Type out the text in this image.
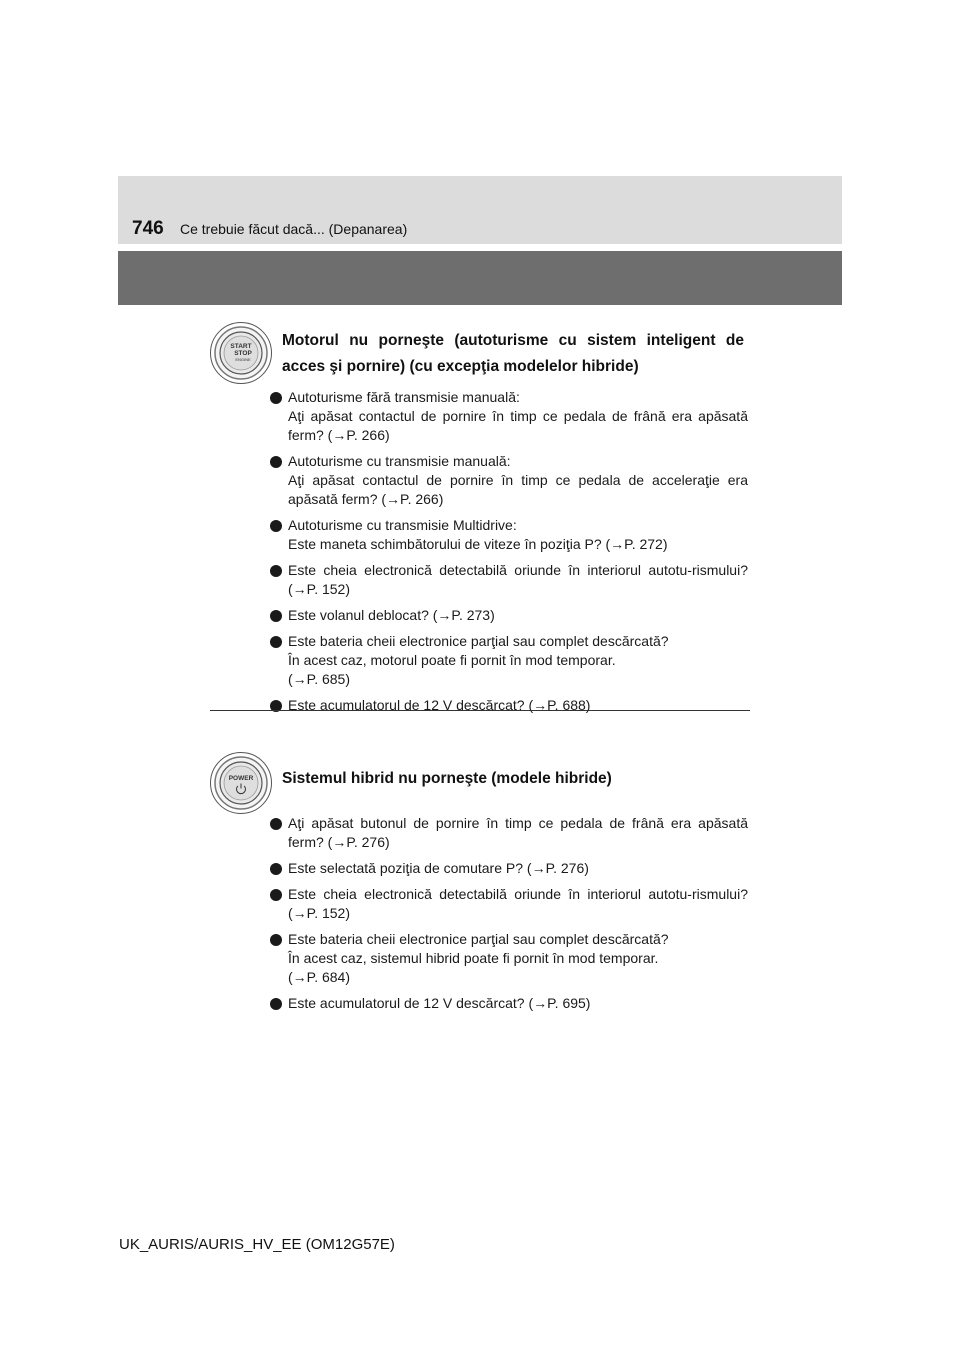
746 Ce trebuie făcut dacă... (Depanarea)
START
STOP
ENGINE
Motorul nu porneşte (autoturisme cu sistem inteligent de acces şi pornire) (cu excepţia modelelor hibride)
Autoturisme fără transmisie manuală:
Aţi apăsat contactul de pornire în timp ce pedala de frână era apăsată ferm? (→P. 266)
Autoturisme cu transmisie manuală:
Aţi apăsat contactul de pornire în timp ce pedala de acceleraţie era apăsată ferm? (→P. 266)
Autoturisme cu transmisie Multidrive:
Este maneta schimbătorului de viteze în poziţia P? (→P. 272)
Este cheia electronică detectabilă oriunde în interiorul autotu-rismului? (→P. 152)
Este volanul deblocat? (→P. 273)
Este bateria cheii electronice parţial sau complet descărcată?
În acest caz, motorul poate fi pornit în mod temporar.
(→P. 685)
Este acumulatorul de 12 V descărcat? (→P. 688)
POWER Sistemul hibrid nu porneşte (modele hibride)
Aţi apăsat butonul de pornire în timp ce pedala de frână era apăsată ferm? (→P. 276)
Este selectată poziţia de comutare P? (→P. 276)
Este cheia electronică detectabilă oriunde în interiorul autotu-rismului? (→P. 152)
Este bateria cheii electronice parţial sau complet descărcată?
În acest caz, sistemul hibrid poate fi pornit în mod temporar.
(→P. 684)
Este acumulatorul de 12 V descărcat? (→P. 695)
UK_AURIS/AURIS_HV_EE (OM12G57E)
